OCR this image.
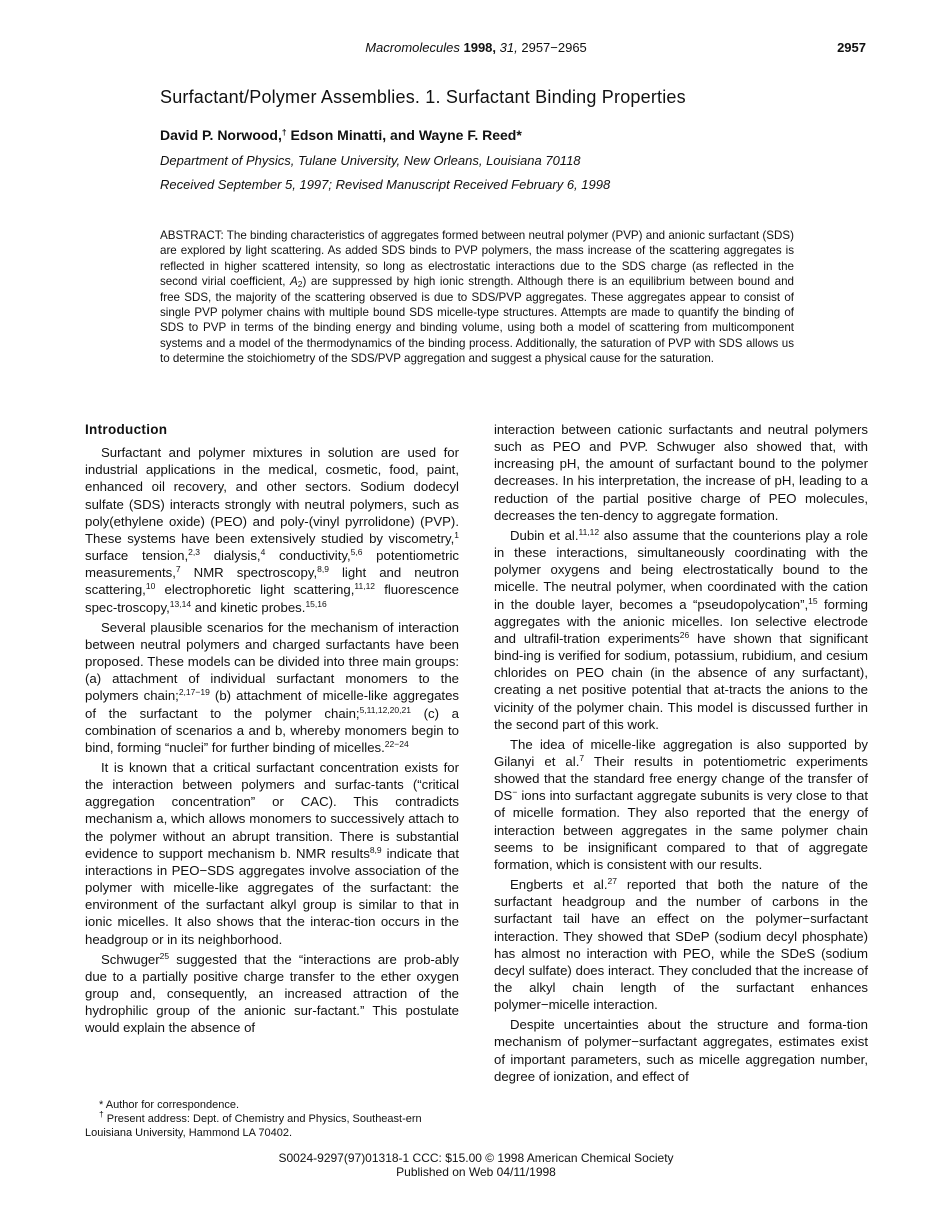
Macromolecules 1998, 31, 2957−2965	2957
Surfactant/Polymer Assemblies. 1. Surfactant Binding Properties

David P. Norwood,† Edson Minatti, and Wayne F. Reed*

Department of Physics, Tulane University, New Orleans, Louisiana 70118

Received September 5, 1997; Revised Manuscript Received February 6, 1998

ABSTRACT: The binding characteristics of aggregates formed between neutral polymer (PVP) and anionic surfactant (SDS) are explored by light scattering. As added SDS binds to PVP polymers, the mass increase of the scattering aggregates is reflected in higher scattered intensity, so long as electrostatic interactions due to the SDS charge (as reflected in the second virial coefficient, $A_2$) are suppressed by high ionic strength. Although there is an equilibrium between bound and free SDS, the majority of the scattering observed is due to SDS/PVP aggregates. These aggregates appear to consist of single PVP polymer chains with multiple bound SDS micelle-type structures. Attempts are made to quantify the binding of SDS to PVP in terms of the binding energy and binding volume, using both a model of scattering from multicomponent systems and a model of the thermodynamics of the binding process. Additionally, the saturation of PVP with SDS allows us to determine the stoichiometry of the SDS/PVP aggregation and suggest a physical cause for the saturation.

Introduction

Surfactant and polymer mixtures in solution are used for industrial applications in the medical, cosmetic, food, paint, enhanced oil recovery, and other sectors. Sodium dodecyl sulfate (SDS) interacts strongly with neutral polymers, such as poly(ethylene oxide) (PEO) and poly-(vinyl pyrrolidone) (PVP). These systems have been extensively studied by viscometry,$^1$ surface tension,$^{2,3}$ dialysis,$^4$ conductivity,$^{5,6}$ potentiometric measurements,$^7$ NMR spectroscopy,$^{8,9}$ light and neutron scattering,$^{10}$ electrophoretic light scattering,$^{11,12}$ fluorescence spec-troscopy,$^{13,14}$ and kinetic probes.$^{15,16}$

Several plausible scenarios for the mechanism of interaction between neutral polymers and charged surfactants have been proposed. These models can be divided into three main groups: (a) attachment of individual surfactant monomers to the polymers chain;$^{2,17-19}$ (b) attachment of micelle-like aggregates of the surfactant to the polymer chain;$^{5,11,12,20,21}$ (c) a combination of scenarios a and b, whereby monomers begin to bind, forming “nuclei” for further binding of micelles.$^{22-24}$

It is known that a critical surfactant concentration exists for the interaction between polymers and surfac-tants (“critical aggregation concentration” or CAC). This contradicts mechanism a, which allows monomers to successively attach to the polymer without an abrupt transition. There is substantial evidence to support mechanism b. NMR results$^{8,9}$ indicate that interactions in PEO−SDS aggregates involve association of the polymer with micelle-like aggregates of the surfactant: the environment of the surfactant alkyl group is similar to that in ionic micelles. It also shows that the interac-tion occurs in the headgroup or in its neighborhood.

Schwuger$^{25}$ suggested that the “interactions are prob-ably due to a partially positive charge transfer to the ether oxygen group and, consequently, an increased attraction of the hydrophilic group of the anionic sur-factant.” This postulate would explain the absence of

interaction between cationic surfactants and neutral polymers such as PEO and PVP. Schwuger also showed that, with increasing pH, the amount of surfactant bound to the polymer decreases. In his interpretation, the increase of pH, leading to a reduction of the partial positive charge of PEO molecules, decreases the ten-dency to aggregate formation.

Dubin et al.$^{11,12}$ also assume that the counterions play a role in these interactions, simultaneously coordinating with the polymer oxygens and being electrostatically bound to the micelle. The neutral polymer, when coordinated with the cation in the double layer, becomes a “pseudopolycation”,$^{15}$ forming aggregates with the anionic micelles. Ion selective electrode and ultrafil-tration experiments$^{26}$ have shown that significant bind-ing is verified for sodium, potassium, rubidium, and cesium chlorides on PEO chain (in the absence of any surfactant), creating a net positive potential that at-tracts the anions to the vicinity of the polymer chain. This model is discussed further in the second part of this work.

The idea of micelle-like aggregation is also supported by Gilanyi et al.$^7$ Their results in potentiometric experiments showed that the standard free energy change of the transfer of DS− ions into surfactant aggregate subunits is very close to that of micelle formation. They also reported that the energy of interaction between aggregates in the same polymer chain seems to be insignificant compared to that of aggregate formation, which is consistent with our results.

Engberts et al.$^{27}$ reported that both the nature of the surfactant headgroup and the number of carbons in the surfactant tail have an effect on the polymer−surfactant interaction. They showed that SDeP (sodium decyl phosphate) has almost no interaction with PEO, while the SDeS (sodium decyl sulfate) does interact. They concluded that the increase of the alkyl chain length of the surfactant enhances polymer−micelle interaction.

Despite uncertainties about the structure and forma-tion mechanism of polymer−surfactant aggregates, estimates exist of important parameters, such as micelle aggregation number, degree of ionization, and effect of

* Author for correspondence.

† Present address: Dept. of Chemistry and Physics, Southeast-ern Louisiana University, Hammond LA 70402.

S0024-9297(97)01318-1 CCC: $15.00 © 1998 American Chemical Society
Published on Web 04/11/1998
